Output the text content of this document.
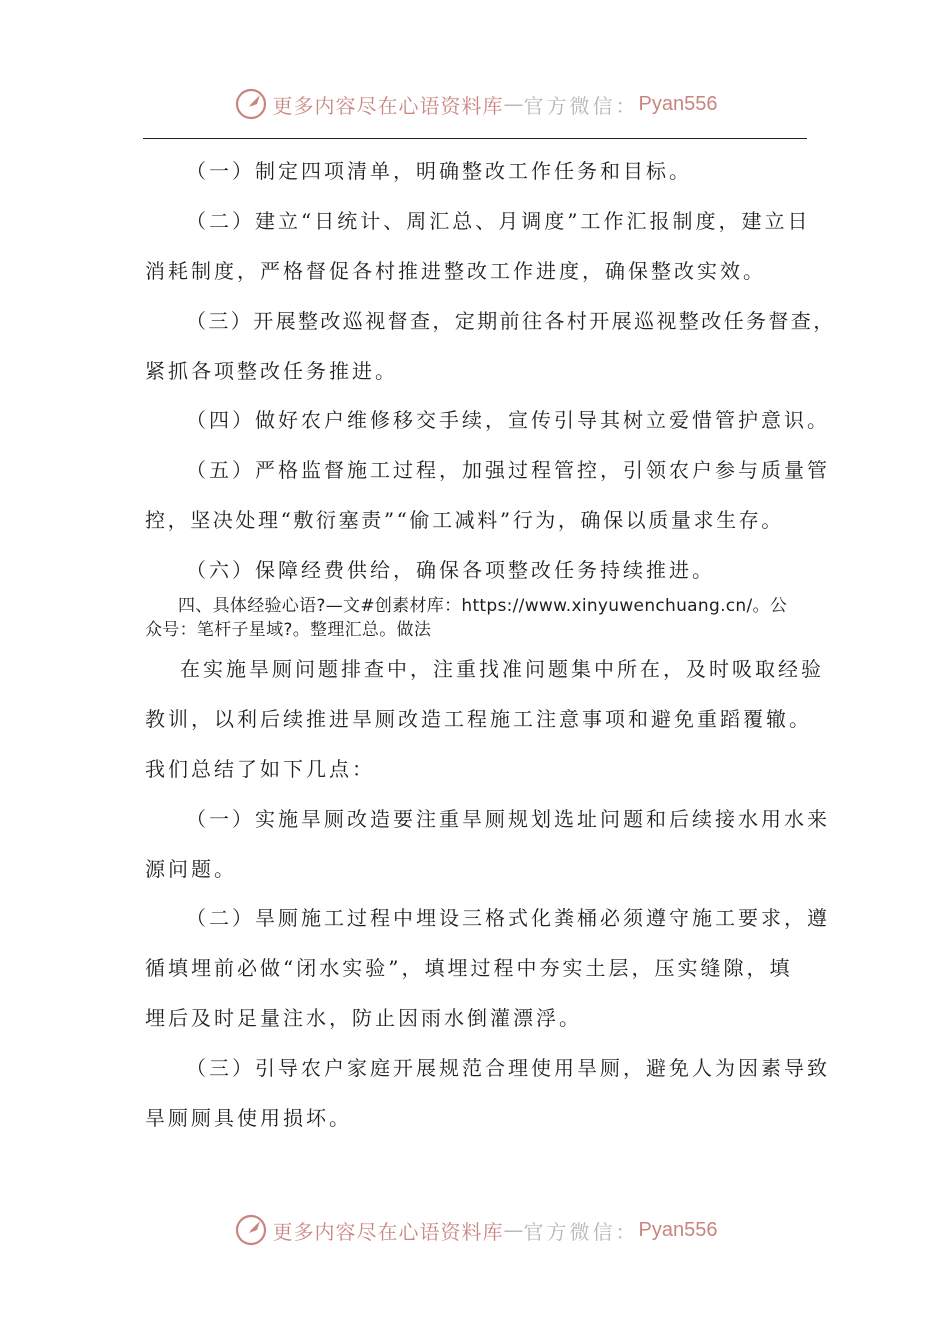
更多内容尽在心语资料库 — 官方微信： Pyan556
（一）制定四项清单，明确整改工作任务和目标。
（二）建立“日统计、周汇总、月调度”工作汇报制度，建立日
消耗制度，严格督促各村推进整改工作进度，确保整改实效。
（三）开展整改巡视督查，定期前往各村开展巡视整改任务督查，
紧抓各项整改任务推进。
（四）做好农户维修移交手续，宣传引导其树立爱惜管护意识。
（五）严格监督施工过程，加强过程管控，引领农户参与质量管
控，坚决处理“敷衍塞责”“偷工减料”行为，确保以质量求生存。
（六）保障经费供给，确保各项整改任务持续推进。
四、具体经验心语?—文#创素材库：https://www.xinyuwenchuang.cn/。公
众号：笔杆子星域?。整理汇总。做法
在实施旱厕问题排查中，注重找准问题集中所在，及时吸取经验
教训，以利后续推进旱厕改造工程施工注意事项和避免重蹈覆辙。
我们总结了如下几点：
（一）实施旱厕改造要注重旱厕规划选址问题和后续接水用水来
源问题。
（二）旱厕施工过程中埋设三格式化粪桶必须遵守施工要求，遵
循填埋前必做“闭水实验”，填埋过程中夯实土层，压实缝隙，填
埋后及时足量注水，防止因雨水倒灌漂浮。
（三）引导农户家庭开展规范合理使用旱厕，避免人为因素导致
旱厕厕具使用损坏。
更多内容尽在心语资料库 — 官方微信： Pyan556
